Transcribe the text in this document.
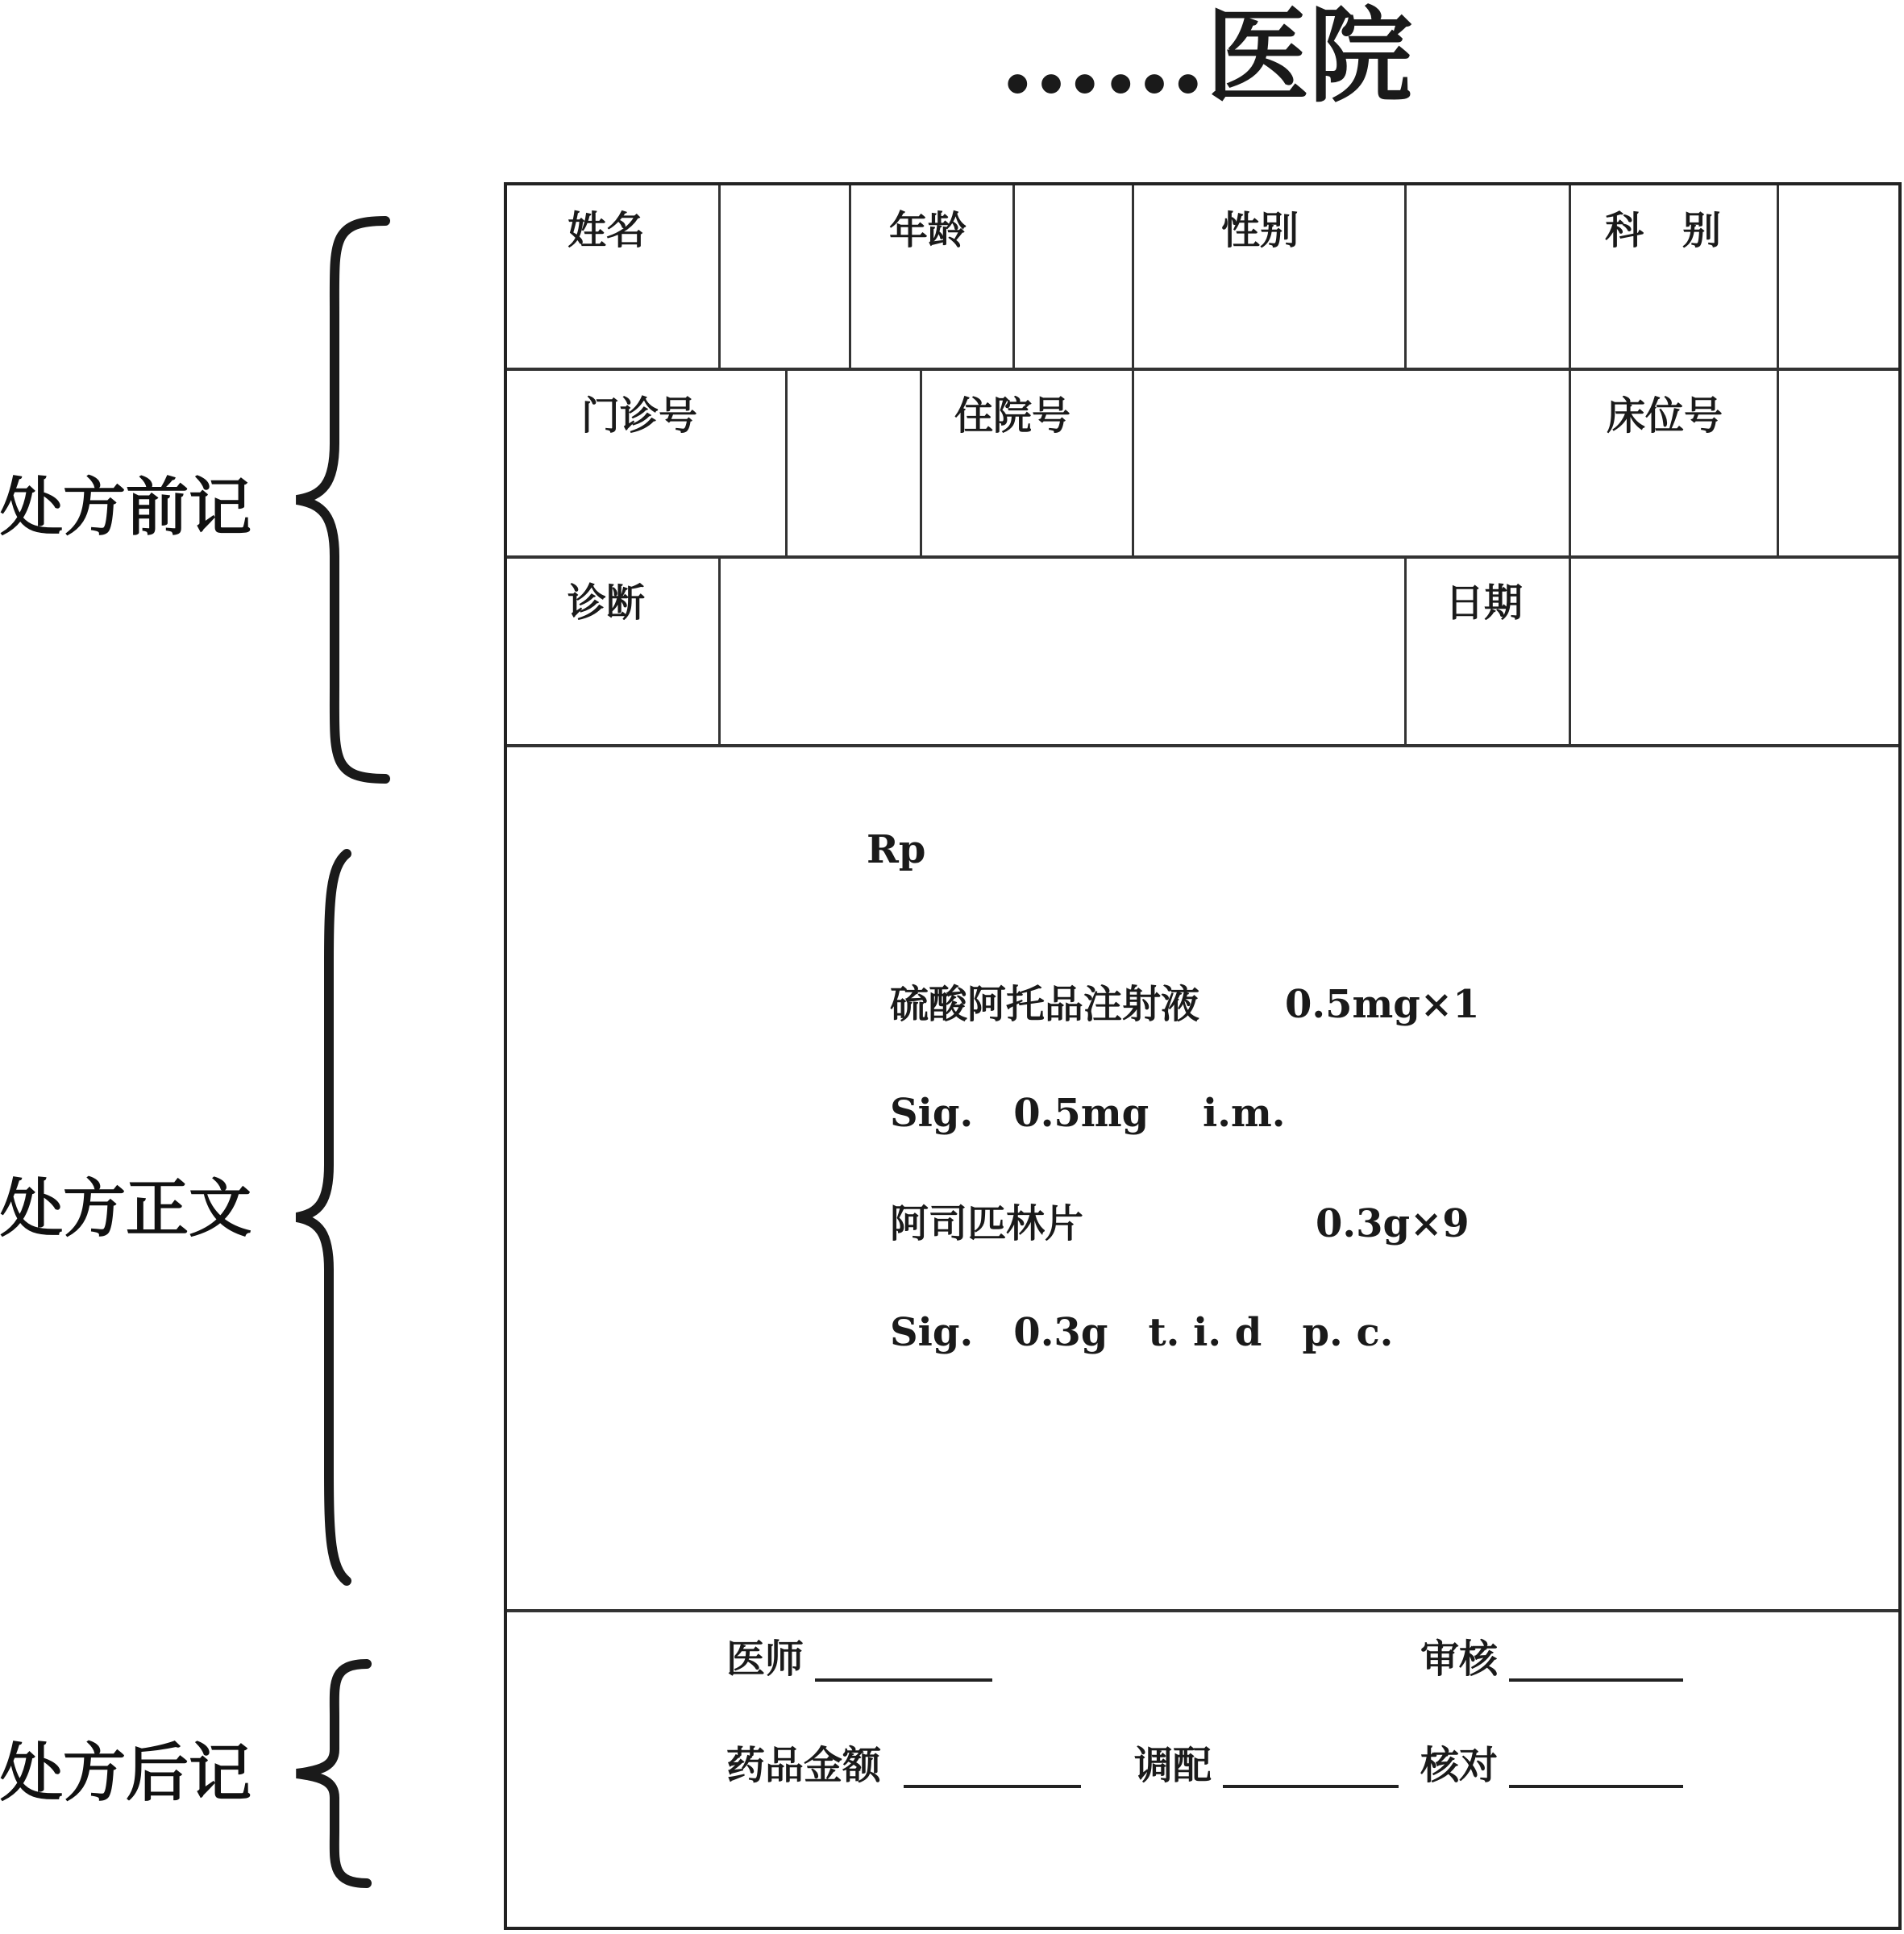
……医院
处方前记
处方正文
处方后记
姓名	年龄	性别	科　别
门诊号	住院号	床位号
诊断	日期
Rp
硫酸阿托品注射液 0.5mg×1
Sig.   0.5mg    i.m.
阿司匹林片	0.3g×9
Sig.   0.3g   t. i. d   p. c.
医师	审核
药品金额	调配	核对
